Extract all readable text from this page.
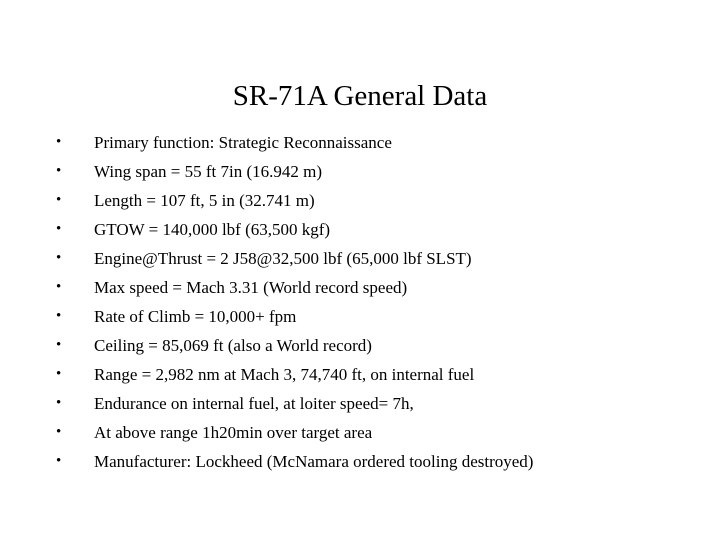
SR-71A General Data
• Primary function: Strategic Reconnaissance
• Wing span = 55 ft 7in (16.942 m)
• Length = 107 ft, 5 in (32.741 m)
• GTOW = 140,000 lbf (63,500 kgf)
• Engine@Thrust = 2 J58@32,500 lbf (65,000 lbf SLST)
• Max speed = Mach 3.31 (World record speed)
• Rate of Climb = 10,000+ fpm
• Ceiling = 85,069 ft (also a World record)
• Range = 2,982 nm at Mach 3, 74,740 ft, on internal fuel
• Endurance on internal fuel, at loiter speed= 7h,
• At above range 1h20min over target area
• Manufacturer: Lockheed (McNamara ordered tooling destroyed)
